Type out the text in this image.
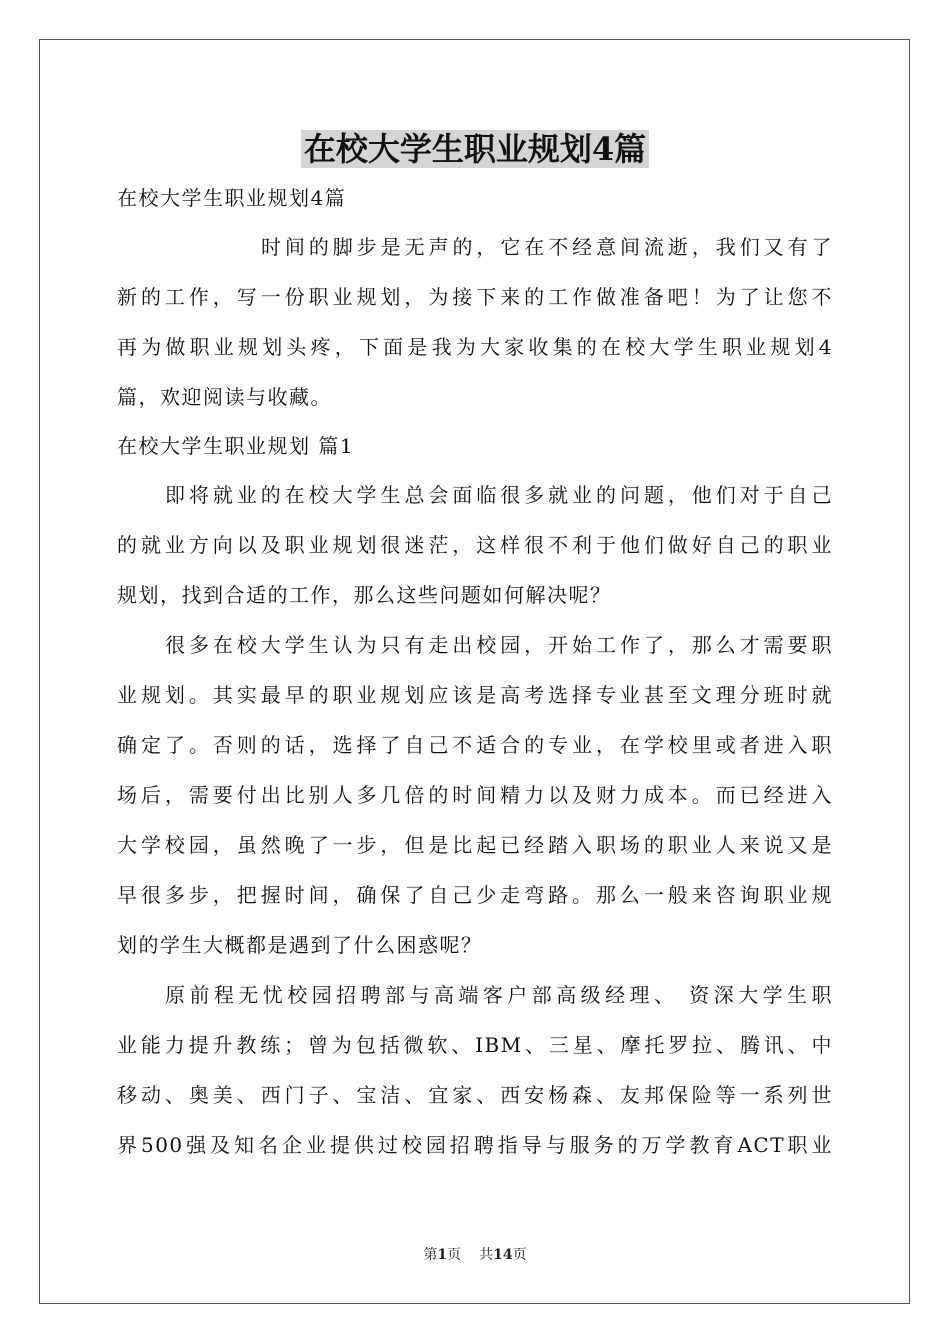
在校大学生职业规划4篇

在校大学生职业规划4篇

时间的脚步是无声的，它在不经意间流逝，我们又有了

新的工作，写一份职业规划，为接下来的工作做准备吧！为了让您不

再为做职业规划头疼，下面是我为大家收集的在校大学生职业规划4

篇，欢迎阅读与收藏。

在校大学生职业规划 篇1

即将就业的在校大学生总会面临很多就业的问题，他们对于自己

的就业方向以及职业规划很迷茫，这样很不利于他们做好自己的职业

规划，找到合适的工作，那么这些问题如何解决呢？

很多在校大学生认为只有走出校园，开始工作了，那么才需要职

业规划。其实最早的职业规划应该是高考选择专业甚至文理分班时就

确定了。否则的话，选择了自己不适合的专业，在学校里或者进入职

场后，需要付出比别人多几倍的时间精力以及财力成本。而已经进入

大学校园，虽然晚了一步，但是比起已经踏入职场的职业人来说又是

早很多步，把握时间，确保了自己少走弯路。那么一般来咨询职业规

划的学生大概都是遇到了什么困惑呢？

原前程无忧校园招聘部与高端客户部高级经理、 资深大学生职

业能力提升教练；曾为包括微软、IBM、三星、摩托罗拉、腾讯、中

移动、奥美、西门子、宝洁、宜家、西安杨森、友邦保险等一系列世

界500强及知名企业提供过校园招聘指导与服务的万学教育ACT职业

第1页 共14页
